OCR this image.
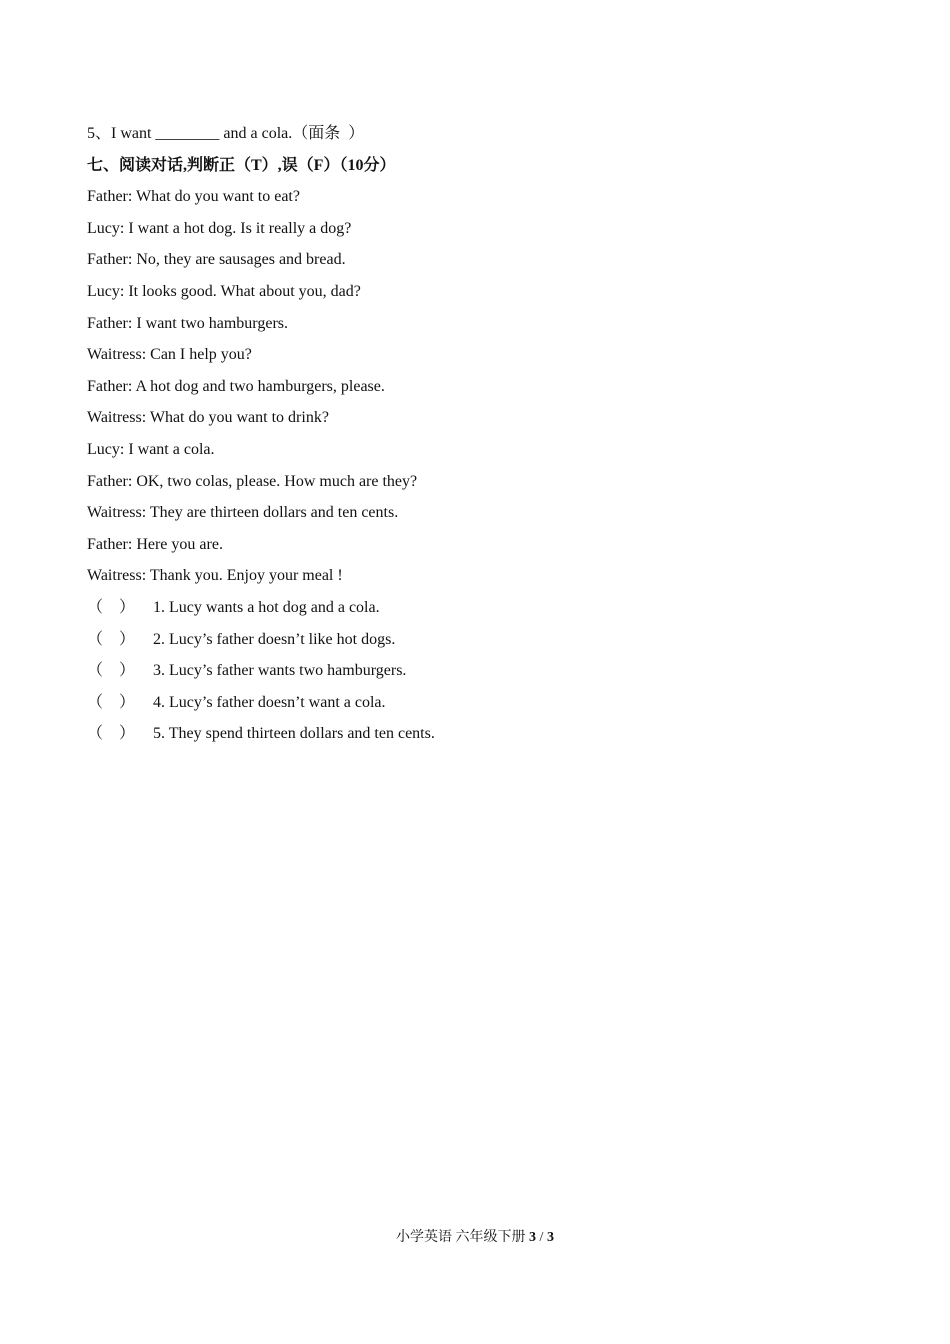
5、I want ________ and a cola.（面条  ）
七、阅读对话,判断正（T）,误（F）（10分）
Father: What do you want to eat?
Lucy: I want a hot dog. Is it really a dog?
Father: No, they are sausages and bread.
Lucy: It looks good. What about you, dad?
Father: I want two hamburgers.
Waitress: Can I help you?
Father: A hot dog and two hamburgers, please.
Waitress: What do you want to drink?
Lucy: I want a cola.
Father: OK, two colas, please. How much are they?
Waitress: They are thirteen dollars and ten cents.
Father: Here you are.
Waitress: Thank you. Enjoy your meal !
（ ）	1. Lucy wants a hot dog and a cola.
（ ）	2. Lucy’s father doesn’t like hot dogs.
（ ）	3. Lucy’s father wants two hamburgers.
（ ）	4. Lucy’s father doesn’t want a cola.
（ ）	5. They spend thirteen dollars and ten cents.
小学英语 六年级下册 3 / 3
